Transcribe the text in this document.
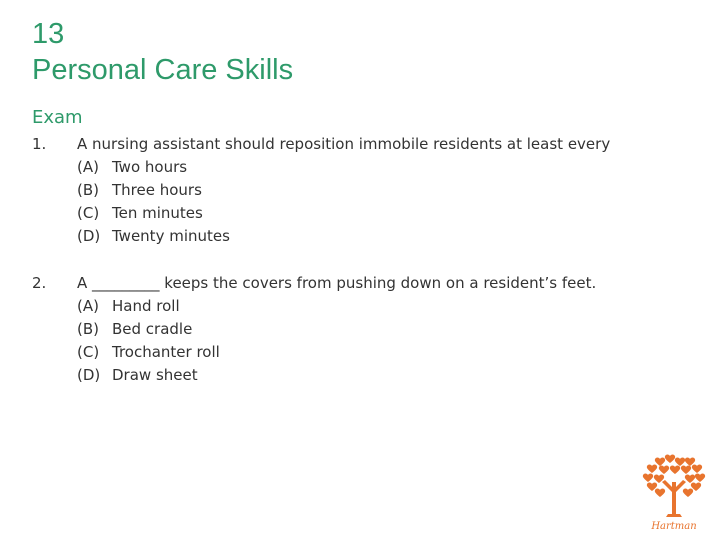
13
Personal Care Skills
Exam
1.	A nursing assistant should reposition immobile residents at least every
(A) Two hours
(B) Three hours
(C) Ten minutes
(D) Twenty minutes
2.	A _________ keeps the covers from pushing down on a resident’s feet.
(A) Hand roll
(B) Bed cradle
(C) Trochanter roll
(D) Draw sheet
Hartman
